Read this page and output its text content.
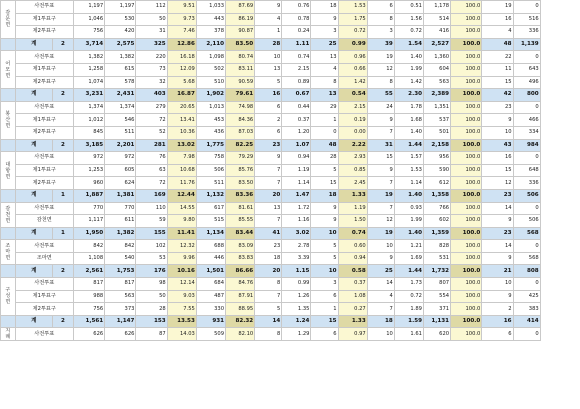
감
문
면	사전투표		1,197	1,197	112	9.51	1,033	87.69	9	0.76	18	1.53	6	0.51	1,178	100.0	19	0
	제1투표구		1,046	530	50	9.73	443	86.19	4	0.78	9	1.75	8	1.56	514	100.0	16	516
	제2투표구		756	420	31	7.46	378	90.87	1	0.24	3	0.72	3	0.72	416	100.0	4	336
	계	2	3,714	2,575	325	12.86	2,110	83.50	28	1.11	25	0.99	39	1.54	2,527	100.0	48	1,139
어
모
면	사전투표		1,382	1,382	220	16.18	1,098	80.74	10	0.74	13	0.96	19	1.40	1,360	100.0	22	0
	제1투표구		1,258	615	73	12.09	502	83.11	13	2.15	4	0.66	12	1.99	604	100.0	11	643
	제2투표구		1,074	578	32	5.68	510	90.59	5	0.89	8	1.42	8	1.42	563	100.0	15	496
	계	2	3,231	2,431	403	16.87	1,902	79.61	16	0.67	13	0.54	55	2.30	2,389	100.0	42	800
봉
산
면	사전투표		1,374	1,374	279	20.65	1,013	74.98	6	0.44	29	2.15	24	1.78	1,351	100.0	23	0
	제1투표구		1,012	546	72	13.41	453	84.36	2	0.37	1	0.19	9	1.68	537	100.0	9	466
	제2투표구		845	511	52	10.36	436	87.03	6	1.20	0	0.00	7	1.40	501	100.0	10	334
	계	2	3,185	2,201	281	13.02	1,775	82.25	23	1.07	48	2.22	31	1.44	2,158	100.0	43	984
대
항
면	사전투표		972	972	76	7.98	758	79.29	9	0.94	28	2.93	15	1.57	956	100.0	16	0
	제1투표구		1,253	605	63	10.68	506	85.76	7	1.19	5	0.85	9	1.53	590	100.0	15	648
	제2투표구		960	624	72	11.76	511	83.50	7	1.14	15	2.45	7	1.14	612	100.0	12	336
	계	1	1,887	1,381	169	12.44	1,132	83.36	20	1.47	18	1.33	19	1.40	1,358	100.0	23	506
감
천
면	사전투표		770	770	110	14.55	617	81.61	13	1.72	9	1.19	7	0.93	766	100.0	14	0
	감천면		1,117	611	59	9.80	515	85.55	7	1.16	9	1.50	12	1.99	602	100.0	9	506
	계	1	1,950	1,382	155	11.41	1,134	83.44	41	3.02	10	0.74	19	1.40	1,359	100.0	23	568
조
마
면	사전투표		842	842	102	12.32	688	83.09	23	2.78	5	0.60	10	1.21	828	100.0	14	0
	조마면		1,108	540	53	9.96	446	83.83	18	3.39	5	0.94	9	1.69	531	100.0	9	568
	계	2	2,561	1,753	176	10.16	1,501	86.66	20	1.15	10	0.58	25	1.44	1,732	100.0	21	808
구
성
면	사전투표		817	817	98	12.14	684	84.76	8	0.99	3	0.37	14	1.73	807	100.0	10	0
	제1투표구		988	563	50	9.03	487	87.91	7	1.26	6	1.08	4	0.72	554	100.0	9	425
	제2투표구		756	373	28	7.55	330	88.95	5	1.35	1	0.27	7	1.89	371	100.0	2	383
	계	2	1,561	1,147	153	13.53	931	82.32	14	1.24	15	1.33	18	1.59	1,131	100.0	16	414
지
례	사전투표		626	626	87	14.03	509	82.10	8	1.29	6	0.97	10	1.61	620	100.0	6	0
